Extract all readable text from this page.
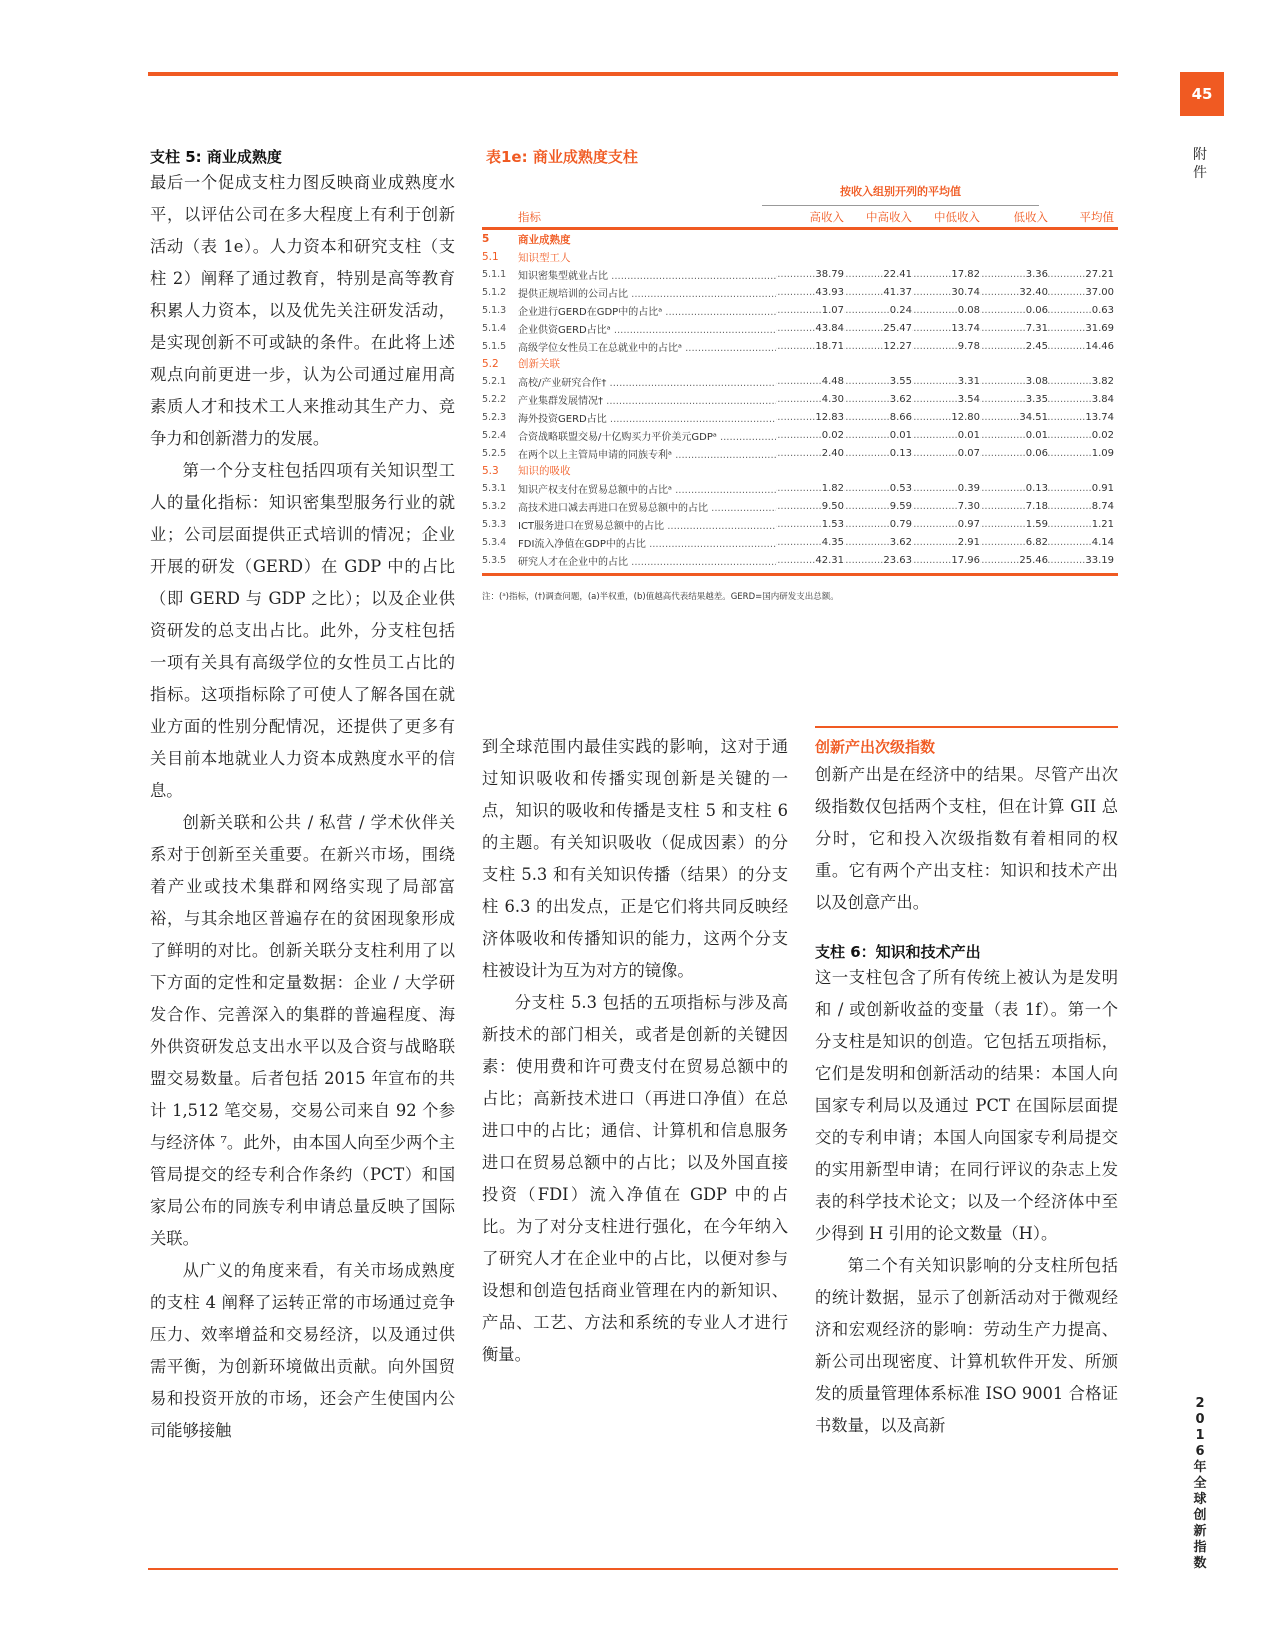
45
附
件
2
0
1
6
年
全
球
创
新
指
数
支柱 5: 商业成熟度

最后一个促成支柱力图反映商业成熟度水平，以评估公司在多大程度上有利于创新活动（表 1e）。人力资本和研究支柱（支柱 2）阐释了通过教育，特别是高等教育积累人力资本，以及优先关注研发活动，是实现创新不可或缺的条件。在此将上述观点向前更进一步，认为公司通过雇用高素质人才和技术工人来推动其生产力、竞争力和创新潜力的发展。

第一个分支柱包括四项有关知识型工人的量化指标：知识密集型服务行业的就业；公司层面提供正式培训的情况；企业开展的研发（GERD）在 GDP 中的占比（即 GERD 与 GDP 之比）；以及企业供资研发的总支出占比。此外，分支柱包括一项有关具有高级学位的女性员工占比的指标。这项指标除了可使人了解各国在就业方面的性别分配情况，还提供了更多有关目前本地就业人力资本成熟度水平的信息。

创新关联和公共 / 私营 / 学术伙伴关系对于创新至关重要。在新兴市场，围绕着产业或技术集群和网络实现了局部富裕，与其余地区普遍存在的贫困现象形成了鲜明的对比。创新关联分支柱利用了以下方面的定性和定量数据：企业 / 大学研发合作、完善深入的集群的普遍程度、海外供资研发总支出水平以及合资与战略联盟交易数量。后者包括 2015 年宣布的共计 1,512 笔交易，交易公司来自 92 个参与经济体 ⁷。此外，由本国人向至少两个主管局提交的经专利合作条约（PCT）和国家局公布的同族专利申请总量反映了国际关联。

从广义的角度来看，有关市场成熟度的支柱 4 阐释了运转正常的市场通过竞争压力、效率增益和交易经济，以及通过供需平衡，为创新环境做出贡献。向外国贸易和投资开放的市场，还会产生使国内公司能够接触

表1e: 商业成熟度支柱
按收入组别开列的平均值
指标	高收入	中高收入	中低收入	低收入	平均值
5	商业成熟度
5.1	知识型工人
5.1.1	知识密集型就业占比 .....	38.79 .....	22.41 .....	17.82 .....	3.36 .....	27.21 .....
5.1.2	提供正规培训的公司占比 .....	43.93 .....	41.37 .....	30.74 .....	32.40 .....	37.00 .....
5.1.3	企业进行GERD在GDP中的占比ᵃ .....	1.07 .....	0.24 .....	0.08 .....	0.06 .....	0.63 .....
5.1.4	企业供资GERD占比ᵃ .....	43.84 .....	25.47 .....	13.74 .....	7.31 .....	31.69 .....
5.1.5	高级学位女性员工在总就业中的占比ᵃ .....	18.71 .....	12.27 .....	9.78 .....	2.45 .....	14.46 .....
5.2	创新关联
5.2.1	高校/产业研究合作† .....	4.48 .....	3.55 .....	3.31 .....	3.08 .....	3.82 .....
5.2.2	产业集群发展情况† .....	4.30 .....	3.62 .....	3.54 .....	3.35 .....	3.84 .....
5.2.3	海外投资GERD占比 .....	12.83 .....	8.66 .....	12.80 .....	34.51 .....	13.74 .....
5.2.4	合资战略联盟交易/十亿购买力平价美元GDPᵃ .....	0.02 .....	0.01 .....	0.01 .....	0.01 .....	0.02 .....
5.2.5	在两个以上主管局申请的同族专利ᵃ .....	2.40 .....	0.13 .....	0.07 .....	0.06 .....	1.09 .....
5.3	知识的吸收
5.3.1	知识产权支付在贸易总额中的占比ᵃ .....	1.82 .....	0.53 .....	0.39 .....	0.13 .....	0.91 .....
5.3.2	高技术进口减去再进口在贸易总额中的占比 .....	9.50 .....	9.59 .....	7.30 .....	7.18 .....	8.74 .....
5.3.3	ICT服务进口在贸易总额中的占比 .....	1.53 .....	0.79 .....	0.97 .....	1.59 .....	1.21 .....
5.3.4	FDI流入净值在GDP中的占比 .....	4.35 .....	3.62 .....	2.91 .....	6.82 .....	4.14 .....
5.3.5	研究人才在企业中的占比 .....	42.31 .....	23.63 .....	17.96 .....	25.46 .....	33.19 .....
注：(ᵃ)指标，(†)调查问题，(a)半权重，(b)值越高代表结果越差。GERD=国内研发支出总额。

到全球范围内最佳实践的影响，这对于通过知识吸收和传播实现创新是关键的一点，知识的吸收和传播是支柱 5 和支柱 6 的主题。有关知识吸收（促成因素）的分支柱 5.3 和有关知识传播（结果）的分支柱 6.3 的出发点，正是它们将共同反映经济体吸收和传播知识的能力，这两个分支柱被设计为互为对方的镜像。

分支柱 5.3 包括的五项指标与涉及高新技术的部门相关，或者是创新的关键因素：使用费和许可费支付在贸易总额中的占比；高新技术进口（再进口净值）在总进口中的占比；通信、计算机和信息服务进口在贸易总额中的占比；以及外国直接投资（FDI）流入净值在 GDP 中的占比。为了对分支柱进行强化，在今年纳入了研究人才在企业中的占比，以便对参与设想和创造包括商业管理在内的新知识、产品、工艺、方法和系统的专业人才进行衡量。

创新产出次级指数

创新产出是在经济中的结果。尽管产出次级指数仅包括两个支柱，但在计算 GII 总分时，它和投入次级指数有着相同的权重。它有两个产出支柱：知识和技术产出以及创意产出。

支柱 6：知识和技术产出

这一支柱包含了所有传统上被认为是发明和 / 或创新收益的变量（表 1f）。第一个分支柱是知识的创造。它包括五项指标，它们是发明和创新活动的结果：本国人向国家专利局以及通过 PCT 在国际层面提交的专利申请；本国人向国家专利局提交的实用新型申请；在同行评议的杂志上发表的科学技术论文；以及一个经济体中至少得到 H 引用的论文数量（H）。

第二个有关知识影响的分支柱所包括的统计数据，显示了创新活动对于微观经济和宏观经济的影响：劳动生产力提高、新公司出现密度、计算机软件开发、所颁发的质量管理体系标准 ISO 9001 合格证书数量，以及高新
